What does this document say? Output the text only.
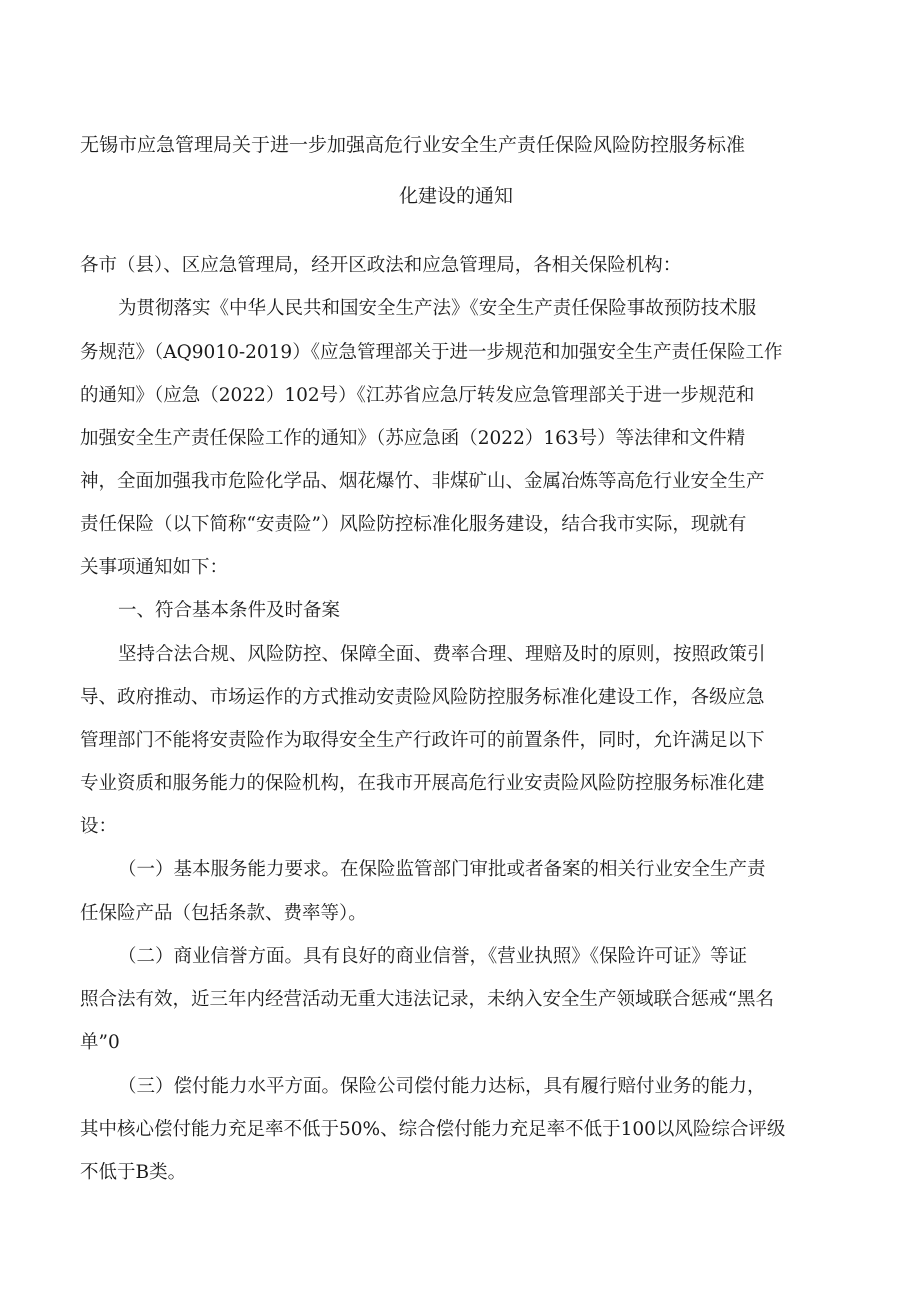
无锡市应急管理局关于进一步加强高危行业安全生产责任保险风险防控服务标准
化建设的通知
各市（县）、区应急管理局，经开区政法和应急管理局，各相关保险机构：
为贯彻落实《中华人民共和国安全生产法》《安全生产责任保险事故预防技术服
务规范》（AQ9010-2019）《应急管理部关于进一步规范和加强安全生产责任保险工作
的通知》（应急（2022）102号）《江苏省应急厅转发应急管理部关于进一步规范和
加强安全生产责任保险工作的通知》（苏应急函（2022）163号）等法律和文件精
神，全面加强我市危险化学品、烟花爆竹、非煤矿山、金属冶炼等高危行业安全生产
责任保险（以下简称“安责险”）风险防控标准化服务建设，结合我市实际，现就有
关事项通知如下：
一、符合基本条件及时备案
坚持合法合规、风险防控、保障全面、费率合理、理赔及时的原则，按照政策引
导、政府推动、市场运作的方式推动安责险风险防控服务标准化建设工作，各级应急
管理部门不能将安责险作为取得安全生产行政许可的前置条件，同时，允许满足以下
专业资质和服务能力的保险机构，在我市开展高危行业安责险风险防控服务标准化建
设：
（一）基本服务能力要求。在保险监管部门审批或者备案的相关行业安全生产责
任保险产品（包括条款、费率等）。
（二）商业信誉方面。具有良好的商业信誉，《营业执照》《保险许可证》等证
照合法有效，近三年内经营活动无重大违法记录，未纳入安全生产领域联合惩戒“黑名
单”0
（三）偿付能力水平方面。保险公司偿付能力达标，具有履行赔付业务的能力，
其中核心偿付能力充足率不低于50%、综合偿付能力充足率不低于100以风险综合评级
不低于B类。
